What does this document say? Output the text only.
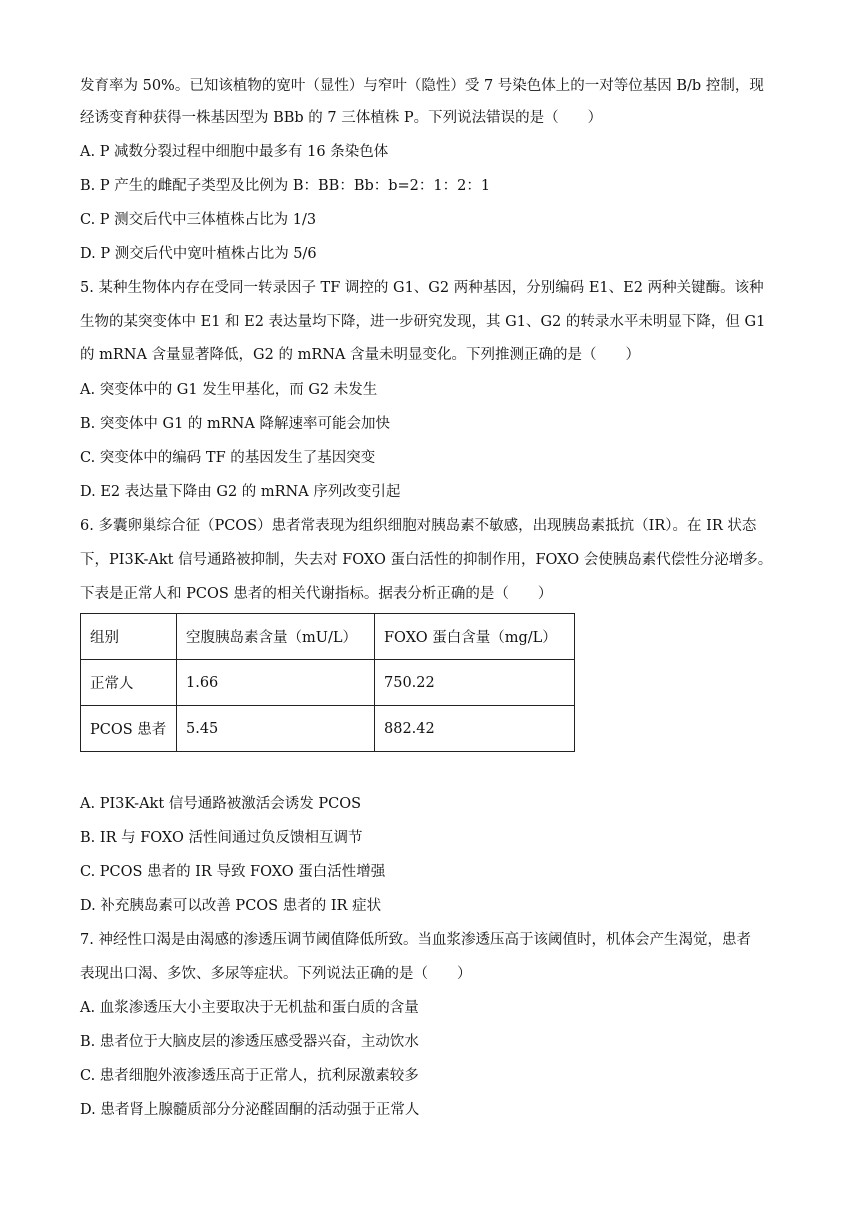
发育率为 50%。已知该植物的宽叶（显性）与窄叶（隐性）受 7 号染色体上的一对等位基因 B/b 控制，现
经诱变育种获得一株基因型为 BBb 的 7 三体植株 P。下列说法错误的是（　　）
A. P 减数分裂过程中细胞中最多有 16 条染色体
B. P 产生的雌配子类型及比例为 B：BB：Bb：b=2：1：2：1
C. P 测交后代中三体植株占比为 1/3
D. P 测交后代中宽叶植株占比为 5/6
5. 某种生物体内存在受同一转录因子 TF 调控的 G1、G2 两种基因，分别编码 E1、E2 两种关键酶。该种
生物的某突变体中 E1 和 E2 表达量均下降，进一步研究发现，其 G1、G2 的转录水平未明显下降，但 G1
的 mRNA 含量显著降低，G2 的 mRNA 含量未明显变化。下列推测正确的是（　　）
A. 突变体中的 G1 发生甲基化，而 G2 未发生
B. 突变体中 G1 的 mRNA 降解速率可能会加快
C. 突变体中的编码 TF 的基因发生了基因突变
D. E2 表达量下降由 G2 的 mRNA 序列改变引起
6. 多囊卵巢综合征（PCOS）患者常表现为组织细胞对胰岛素不敏感，出现胰岛素抵抗（IR）。在 IR 状态
下，PI3K-Akt 信号通路被抑制，失去对 FOXO 蛋白活性的抑制作用，FOXO 会使胰岛素代偿性分泌增多。
下表是正常人和 PCOS 患者的相关代谢指标。据表分析正确的是（　　）
组别	空腹胰岛素含量（mU/L）	FOXO 蛋白含量（mg/L）
正常人	1.66	750.22
PCOS 患者	5.45	882.42
A. PI3K-Akt 信号通路被激活会诱发 PCOS
B. IR 与 FOXO 活性间通过负反馈相互调节
C. PCOS 患者的 IR 导致 FOXO 蛋白活性增强
D. 补充胰岛素可以改善 PCOS 患者的 IR 症状
7. 神经性口渴是由渴感的渗透压调节阈值降低所致。当血浆渗透压高于该阈值时，机体会产生渴觉，患者
表现出口渴、多饮、多尿等症状。下列说法正确的是（　　）
A. 血浆渗透压大小主要取决于无机盐和蛋白质的含量
B. 患者位于大脑皮层的渗透压感受器兴奋，主动饮水
C. 患者细胞外液渗透压高于正常人，抗利尿激素较多
D. 患者肾上腺髓质部分分泌醛固酮的活动强于正常人
